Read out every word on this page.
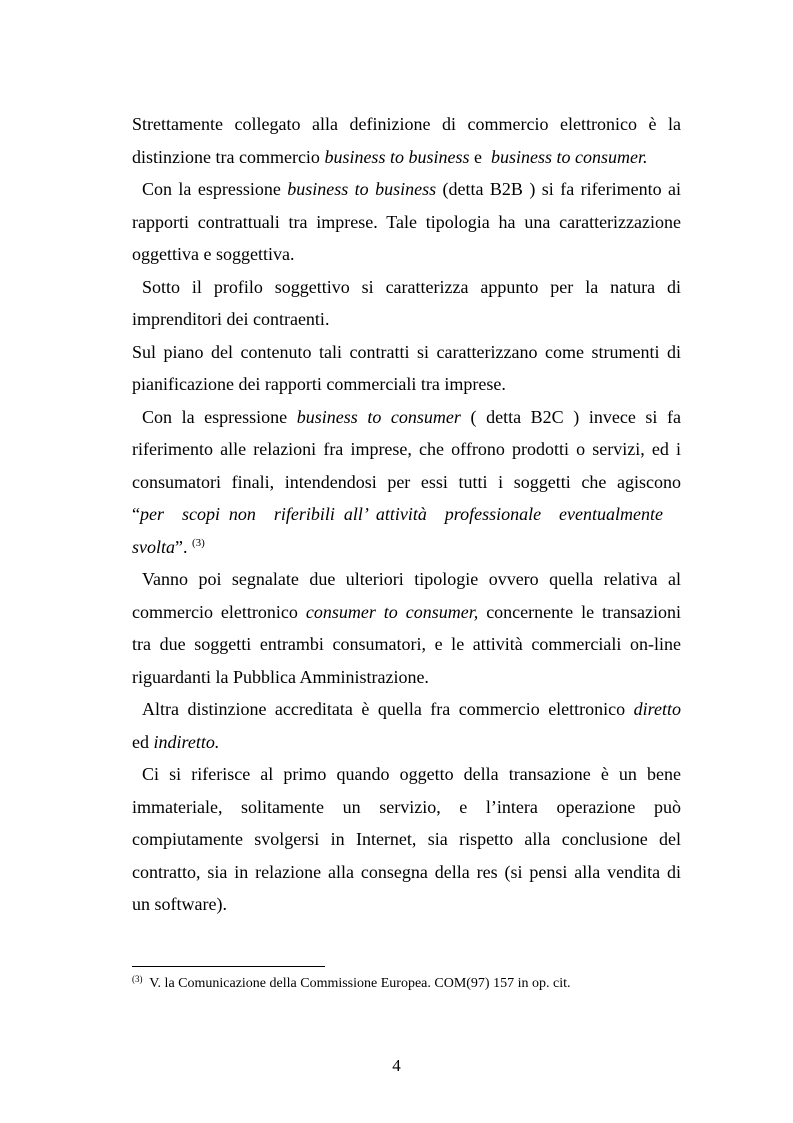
Strettamente collegato alla definizione di commercio elettronico è la
distinzione tra commercio business to business e  business to consumer.
Con la espressione business to business (detta B2B ) si fa riferimento ai
rapporti contrattuali tra imprese. Tale tipologia ha una caratterizzazione
oggettiva e soggettiva.
Sotto il profilo soggettivo si caratterizza appunto per la natura di
imprenditori dei contraenti.
Sul piano del contenuto tali contratti si caratterizzano come strumenti di
pianificazione dei rapporti commerciali tra imprese.
Con la espressione business to consumer ( detta B2C ) invece si fa
riferimento alle relazioni fra imprese, che offrono prodotti o servizi, ed i
consumatori finali, intendendosi per essi tutti i soggetti che agiscono
“per  scopi non  riferibili all’ attività  professionale  eventualmente
svolta”. $^{(3)}$
Vanno poi segnalate due ulteriori tipologie ovvero quella relativa al
commercio elettronico consumer to consumer, concernente le transazioni
tra due soggetti entrambi consumatori, e le attività commerciali on-line
riguardanti la Pubblica Amministrazione.
Altra distinzione accreditata è quella fra commercio elettronico diretto
ed indiretto.
Ci si riferisce al primo quando oggetto della transazione è un bene
immateriale, solitamente un servizio, e l’intera operazione può
compiutamente svolgersi in Internet, sia rispetto alla conclusione del
contratto, sia in relazione alla consegna della res (si pensi alla vendita di
un software).
$^{(3)}$  V. la Comunicazione della Commissione Europea. COM(97) 157 in op. cit.
4
